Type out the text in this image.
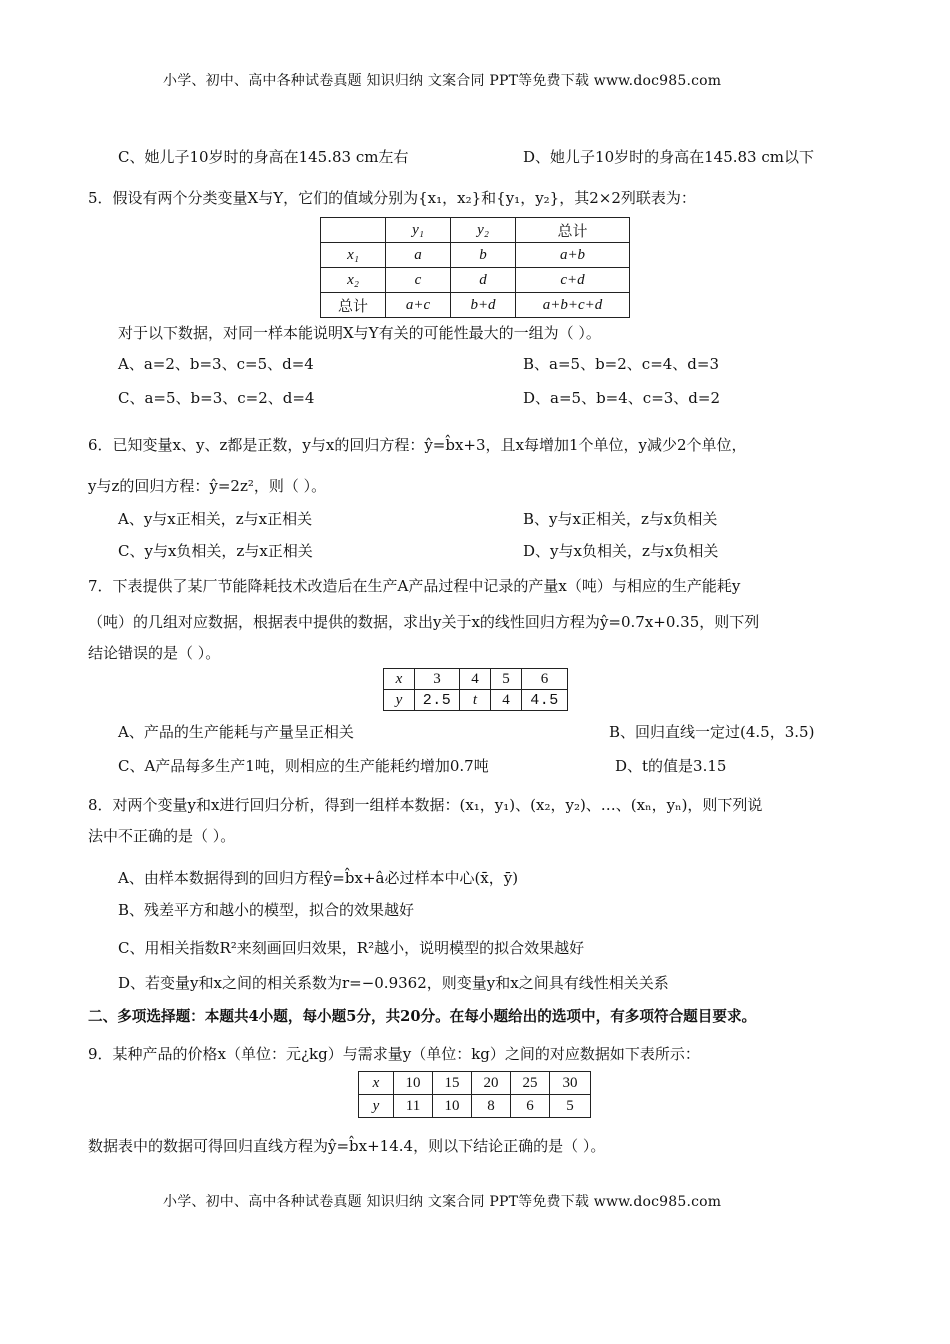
小学、初中、高中各种试卷真题 知识归纳 文案合同 PPT等免费下载 www.doc985.com
C、她儿子10岁时的身高在145.83 cm左右	D、她儿子10岁时的身高在145.83 cm以下
5．假设有两个分类变量X与Y，它们的值域分别为{x₁，x₂}和{y₁，y₂}，其2×2列联表为：
	y₁	y₂	总计
x₁	a	b	a+b
x₂	c	d	c+d
总计	a+c	b+d	a+b+c+d
对于以下数据，对同一样本能说明X与Y有关的可能性最大的一组为（ ）。
A、a=2、b=3、c=5、d=4	B、a=5、b=2、c=4、d=3
C、a=5、b=3、c=2、d=4	D、a=5、b=4、c=3、d=2
6．已知变量x、y、z都是正数，y与x的回归方程：ŷ=b̂x+3，且x每增加1个单位，y减少2个单位，
y与z的回归方程：ŷ=2z²，则（ ）。
A、y与x正相关，z与x正相关	B、y与x正相关，z与x负相关
C、y与x负相关，z与x正相关	D、y与x负相关，z与x负相关
7．下表提供了某厂节能降耗技术改造后在生产A产品过程中记录的产量x（吨）与相应的生产能耗y
（吨）的几组对应数据，根据表中提供的数据，求出y关于x的线性回归方程为ŷ=0.7x+0.35，则下列
结论错误的是（ ）。
x	3	4	5	6
y	2.5	t	4	4.5
A、产品的生产能耗与产量呈正相关	B、回归直线一定过(4.5，3.5)
C、A产品每多生产1吨，则相应的生产能耗约增加0.7吨	D、t的值是3.15
8．对两个变量y和x进行回归分析，得到一组样本数据：(x₁，y₁)、(x₂，y₂)、…、(xₙ，yₙ)，则下列说
法中不正确的是（ ）。
A、由样本数据得到的回归方程ŷ=b̂x+â必过样本中心(x̄，ȳ)
B、残差平方和越小的模型，拟合的效果越好
C、用相关指数R²来刻画回归效果，R²越小，说明模型的拟合效果越好
D、若变量y和x之间的相关系数为r=−0.9362，则变量y和x之间具有线性相关关系
二、多项选择题：本题共4小题，每小题5分，共20分。在每小题给出的选项中，有多项符合题目要求。
9．某种产品的价格x（单位：元¿kg）与需求量y（单位：kg）之间的对应数据如下表所示：
x	10	15	20	25	30
y	11	10	8	6	5
数据表中的数据可得回归直线方程为ŷ=b̂x+14.4，则以下结论正确的是（ ）。
小学、初中、高中各种试卷真题 知识归纳 文案合同 PPT等免费下载 www.doc985.com
